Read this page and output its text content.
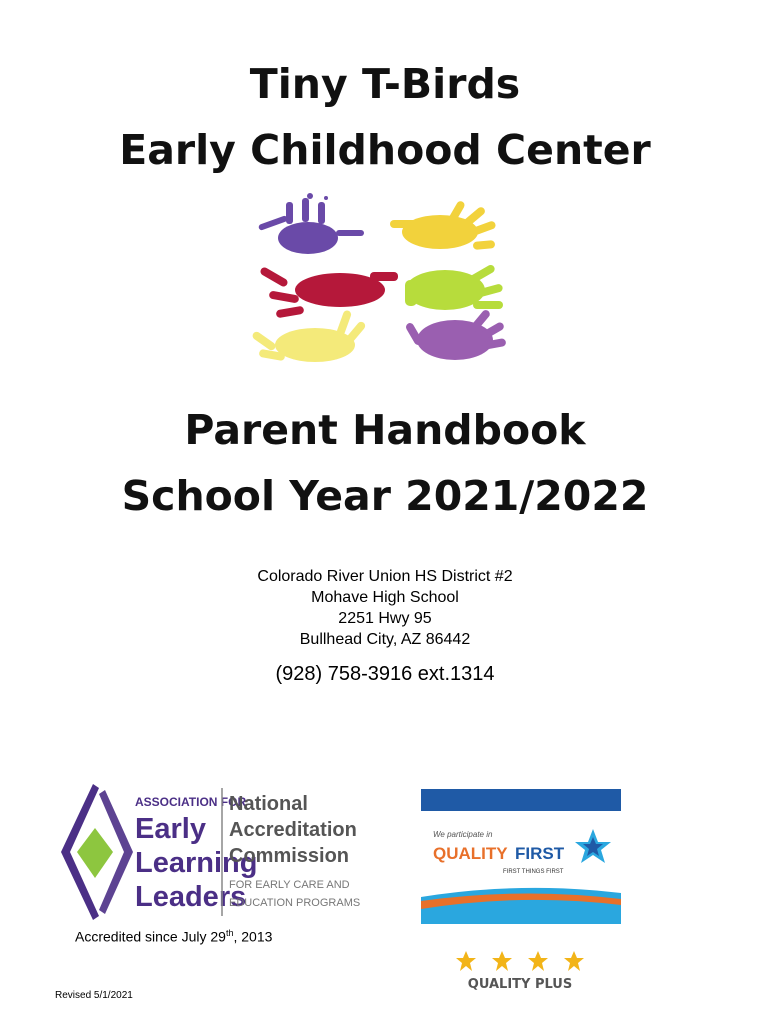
Tiny T-Birds
Early Childhood Center
Parent Handbook
School Year 2021/2022
Colorado River Union HS District #2
Mohave High School
2251 Hwy 95
Bullhead City, AZ 86442
(928) 758-3916 ext.1314
ASSOCIATION FOR
Early
Learning
Leaders
National
Accreditation
Commission
FOR EARLY CARE AND
EDUCATION PROGRAMS
Accredited since July 29th, 2013
We participate in
QUALITY FIRST
FIRST THINGS FIRST
QUALITY PLUS
Revised 5/1/2021
